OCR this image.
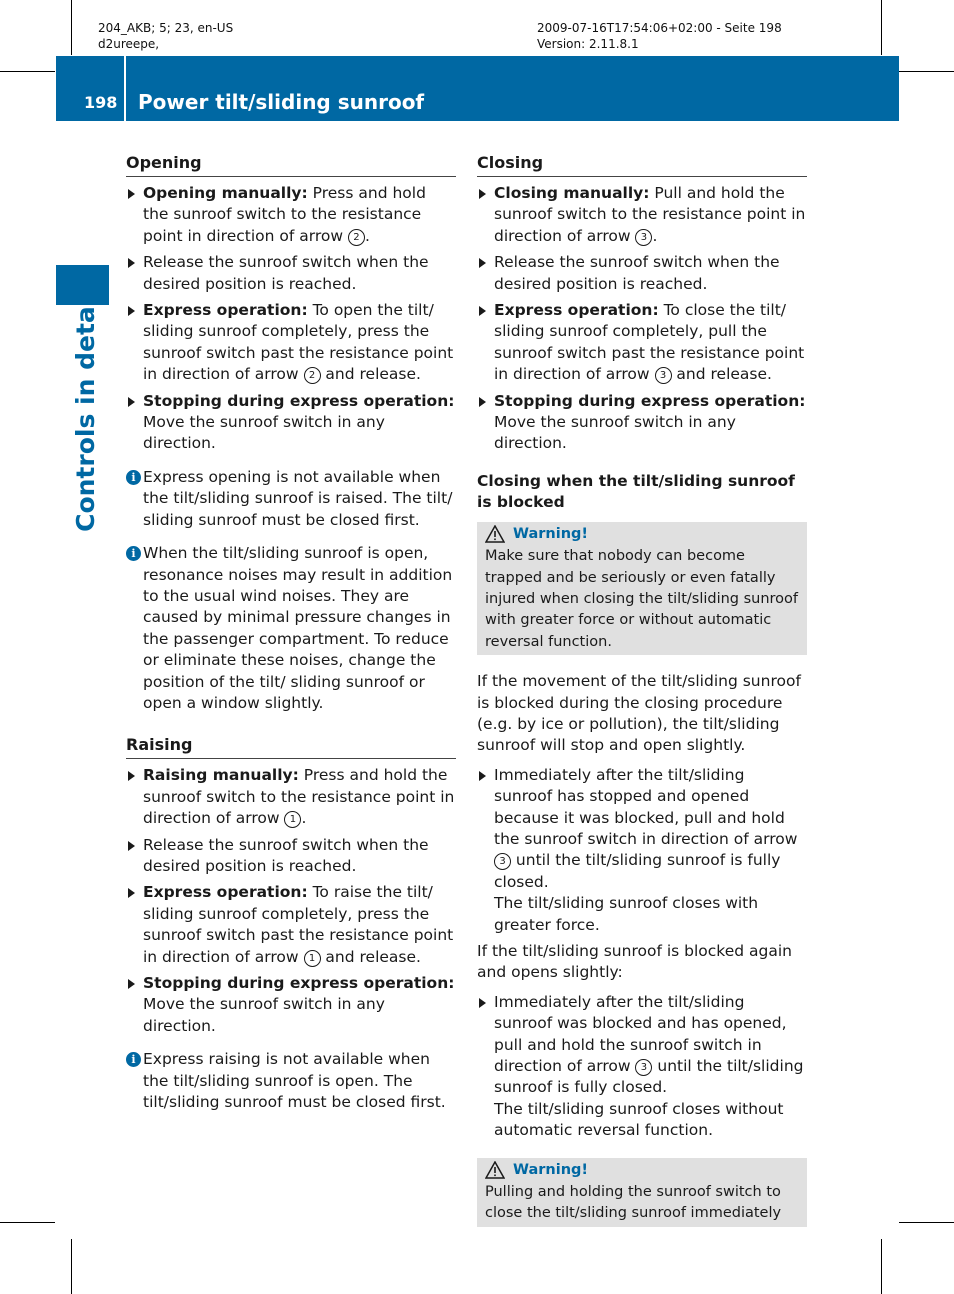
204_AKB; 5; 23, en-US
d2ureepe,
2009-07-16T17:54:06+02:00 - Seite 198
Version: 2.11.8.1
198 Power tilt/sliding sunroof
Controls in detail
Opening
Opening manually: Press and hold the sunroof switch to the resistance point in direction of arrow 2 .
Release the sunroof switch when the desired position is reached.
Express operation: To open the tilt/ sliding sunroof completely, press the sunroof switch past the resistance point in direction of arrow 2 and release.
Stopping during express operation: Move the sunroof switch in any direction.
i Express opening is not available when the tilt/sliding sunroof is raised. The tilt/ sliding sunroof must be closed first.
i When the tilt/sliding sunroof is open, resonance noises may result in addition to the usual wind noises. They are caused by minimal pressure changes in the passenger compartment. To reduce or eliminate these noises, change the position of the tilt/ sliding sunroof or open a window slightly.
Raising
Raising manually: Press and hold the sunroof switch to the resistance point in direction of arrow 1 .
Release the sunroof switch when the desired position is reached.
Express operation: To raise the tilt/ sliding sunroof completely, press the sunroof switch past the resistance point in direction of arrow 1 and release.
Stopping during express operation: Move the sunroof switch in any direction.
i Express raising is not available when the tilt/sliding sunroof is open. The tilt/sliding sunroof must be closed first.
Closing
Closing manually: Pull and hold the sunroof switch to the resistance point in direction of arrow 3 .
Release the sunroof switch when the desired position is reached.
Express operation: To close the tilt/ sliding sunroof completely, pull the sunroof switch past the resistance point in direction of arrow 3 and release.
Stopping during express operation: Move the sunroof switch in any direction.
Closing when the tilt/sliding sunroof is blocked
Warning!
Make sure that nobody can become trapped and be seriously or even fatally injured when closing the tilt/sliding sunroof with greater force or without automatic reversal function.
If the movement of the tilt/sliding sunroof is blocked during the closing procedure (e.g. by ice or pollution), the tilt/sliding sunroof will stop and open slightly.
Immediately after the tilt/sliding sunroof has stopped and opened because it was blocked, pull and hold the sunroof switch in direction of arrow 3 until the tilt/sliding sunroof is fully closed.
The tilt/sliding sunroof closes with greater force.
If the tilt/sliding sunroof is blocked again and opens slightly:
Immediately after the tilt/sliding sunroof was blocked and has opened, pull and hold the sunroof switch in direction of arrow 3 until the tilt/sliding sunroof is fully closed.
The tilt/sliding sunroof closes without automatic reversal function.
Warning!
Pulling and holding the sunroof switch to close the tilt/sliding sunroof immediately
